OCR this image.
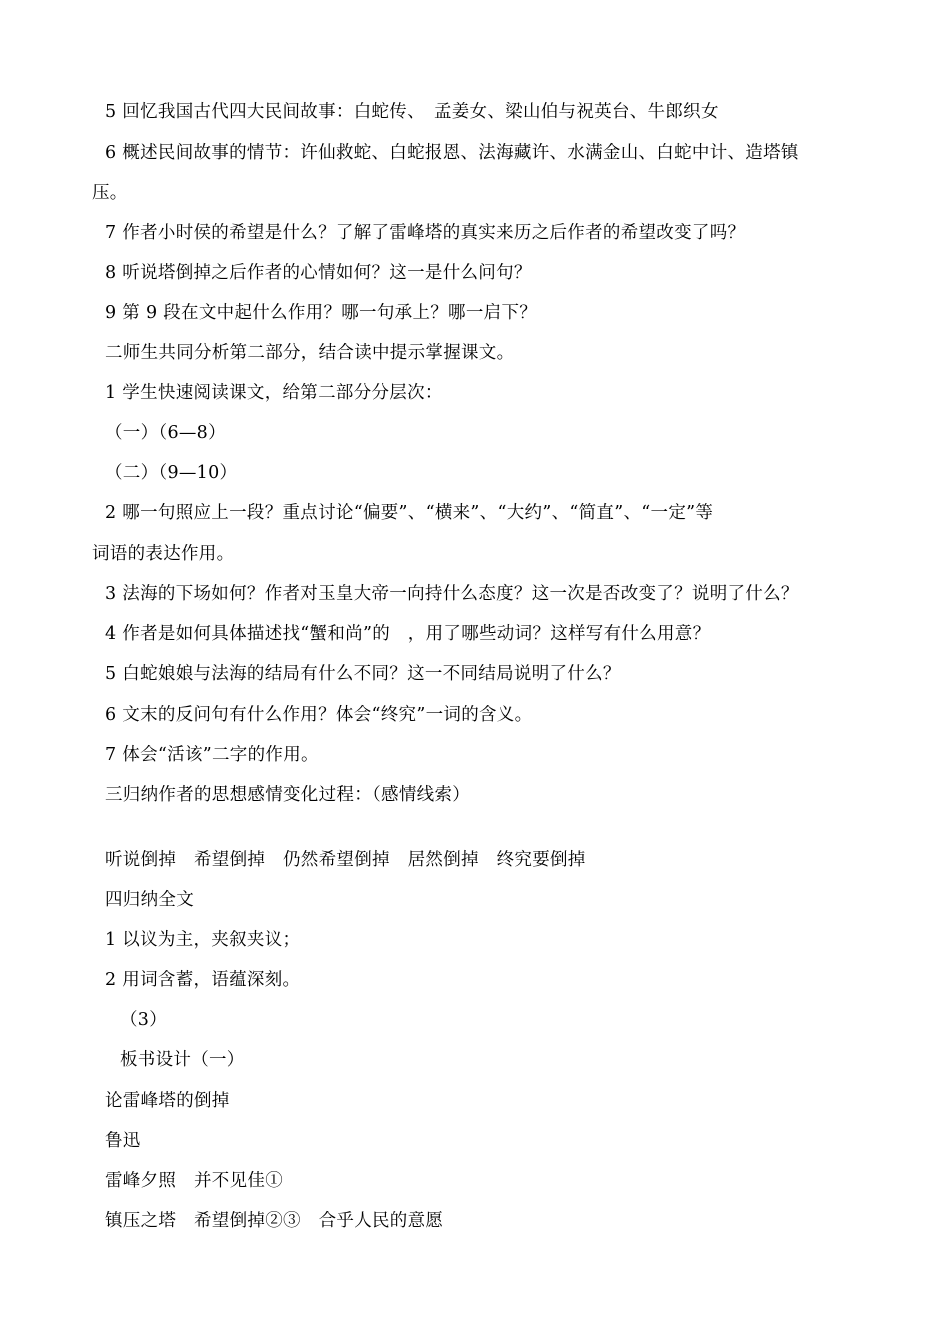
5 回忆我国古代四大民间故事：白蛇传、　孟姜女、梁山伯与祝英台、牛郎织女
6 概述民间故事的情节：许仙救蛇、白蛇报恩、法海藏许、水满金山、白蛇中计、造塔镇
压。
7 作者小时侯的希望是什么？了解了雷峰塔的真实来历之后作者的希望改变了吗？
8 听说塔倒掉之后作者的心情如何？这一是什么问句？
9 第 9 段在文中起什么作用？哪一句承上？哪一启下？
二师生共同分析第二部分，结合读中提示掌握课文。
1 学生快速阅读课文，给第二部分分层次：
（一）（6—8）
（二）（9—10）
2 哪一句照应上一段？重点讨论“偏要”、“横来”、“大约”、“简直”、“一定”等
词语的表达作用。
3 法海的下场如何？作者对玉皇大帝一向持什么态度？这一次是否改变了？说明了什么？
4 作者是如何具体描述找“蟹和尚”的　，用了哪些动词？这样写有什么用意？
5 白蛇娘娘与法海的结局有什么不同？这一不同结局说明了什么？
6 文末的反问句有什么作用？体会“终究”一词的含义。
7 体会“活该”二字的作用。
三归纳作者的思想感情变化过程：（感情线索）
听说倒掉　希望倒掉　仍然希望倒掉　居然倒掉　终究要倒掉
四归纳全文
1 以议为主，夹叙夹议；
2 用词含蓄，语蕴深刻。
（3）
板书设计（一）
论雷峰塔的倒掉
鲁迅
雷峰夕照　并不见佳①
镇压之塔　希望倒掉②③　合乎人民的意愿
